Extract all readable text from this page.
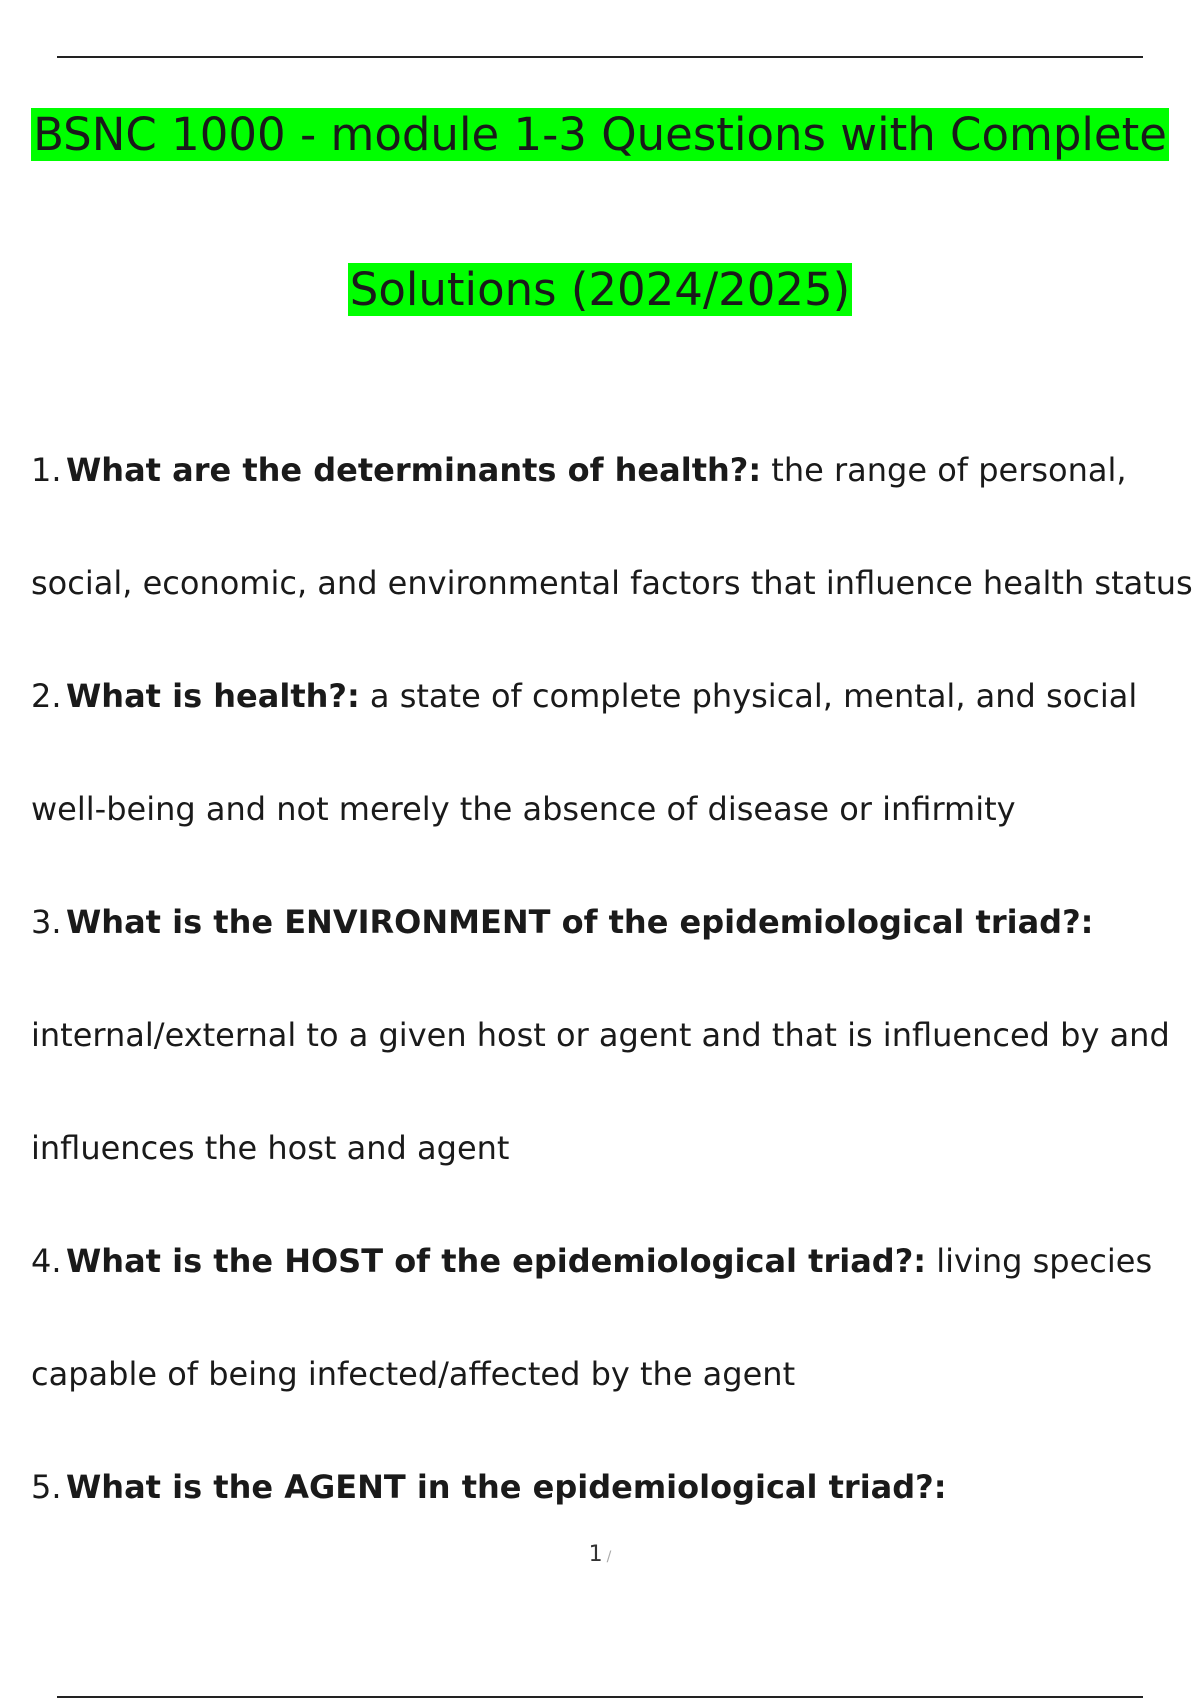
BSNC 1000 - module 1-3 Questions with Complete
Solutions (2024/2025)
1. What are the determinants of health?: the range of personal,
social, economic, and environmental factors that influence health status
2. What is health?: a state of complete physical, mental, and social
well-being and not merely the absence of disease or infirmity
3. What is the ENVIRONMENT of the epidemiological triad?:
internal/external to a given host or agent and that is influenced by and
influences the host and agent
4. What is the HOST of the epidemiological triad?: living species
capable of being infected/affected by the agent
5. What is the AGENT in the epidemiological triad?:
1 /
